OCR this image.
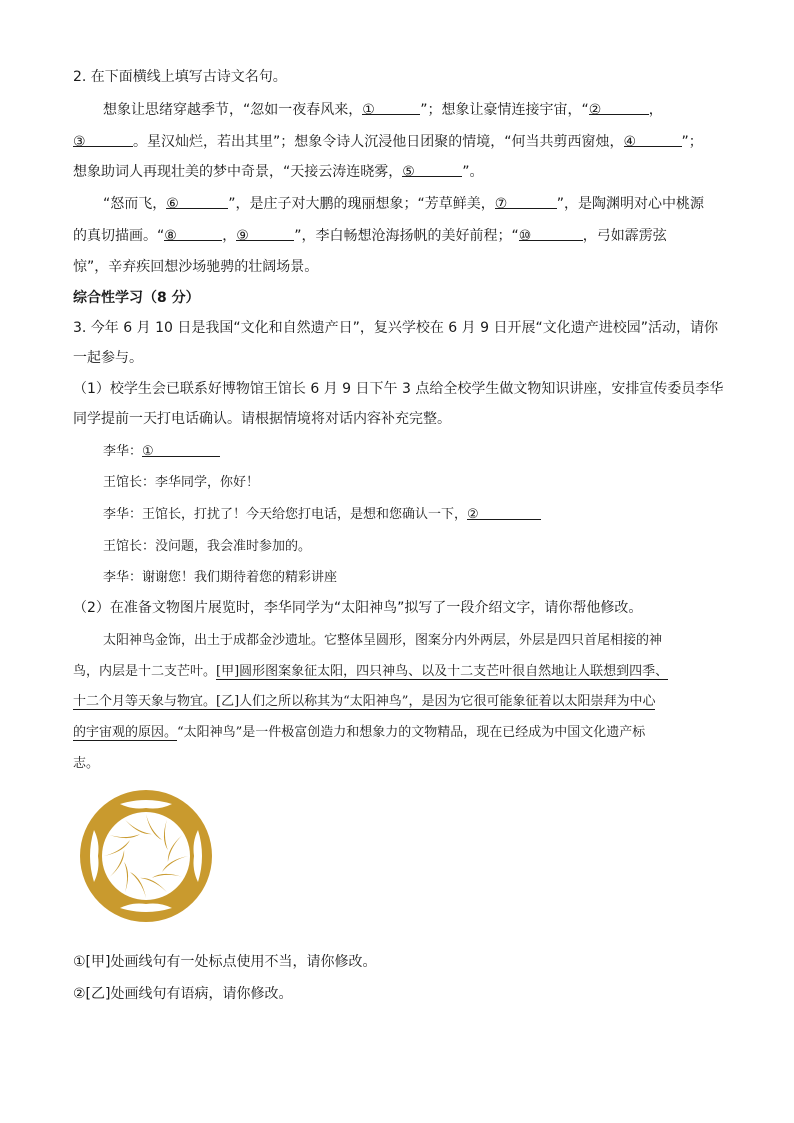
2. 在下面横线上填写古诗文名句。
想象让思绪穿越季节，“忽如一夜春风来，①	”；想象让豪情连接宇宙，“②	，
③	。星汉灿烂，若出其里”；想象令诗人沉浸他日团聚的情境，“何当共剪西窗烛，④	”；
想象助词人再现壮美的梦中奇景，“天接云涛连晓雾，⑤	”。
“怒而飞，⑥	”，是庄子对大鹏的瑰丽想象；“芳草鲜美，⑦	”，是陶渊明对心中桃源
的真切描画。“⑧	，⑨	”，李白畅想沧海扬帆的美好前程；“⑩	，弓如霹雳弦
惊”，辛弃疾回想沙场驰骋的壮阔场景。
综合性学习（8 分）
3. 今年 6 月 10 日是我国“文化和自然遗产日”，复兴学校在 6 月 9 日开展“文化遗产进校园”活动，请你
一起参与。
（1）校学生会已联系好博物馆王馆长 6 月 9 日下午 3 点给全校学生做文物知识讲座，安排宣传委员李华
同学提前一天打电话确认。请根据情境将对话内容补充完整。
李华：①
王馆长：李华同学，你好！
李华：王馆长，打扰了！今天给您打电话，是想和您确认一下，②
王馆长：没问题，我会准时参加的。
李华：谢谢您！我们期待着您的精彩讲座
（2）在准备文物图片展览时，李华同学为“太阳神鸟”拟写了一段介绍文字，请你帮他修改。
太阳神鸟金饰，出土于成都金沙遗址。它整体呈圆形，图案分内外两层，外层是四只首尾相接的神
鸟，内层是十二支芒叶。[甲]圆形图案象征太阳，四只神鸟、以及十二支芒叶很自然地让人联想到四季、
十二个月等天象与物宜。[乙]人们之所以称其为“太阳神鸟”，是因为它很可能象征着以太阳崇拜为中心
的宇宙观的原因。“太阳神鸟”是一件极富创造力和想象力的文物精品，现在已经成为中国文化遗产标
志。
①[甲]处画线句有一处标点使用不当，请你修改。
②[乙]处画线句有语病，请你修改。
